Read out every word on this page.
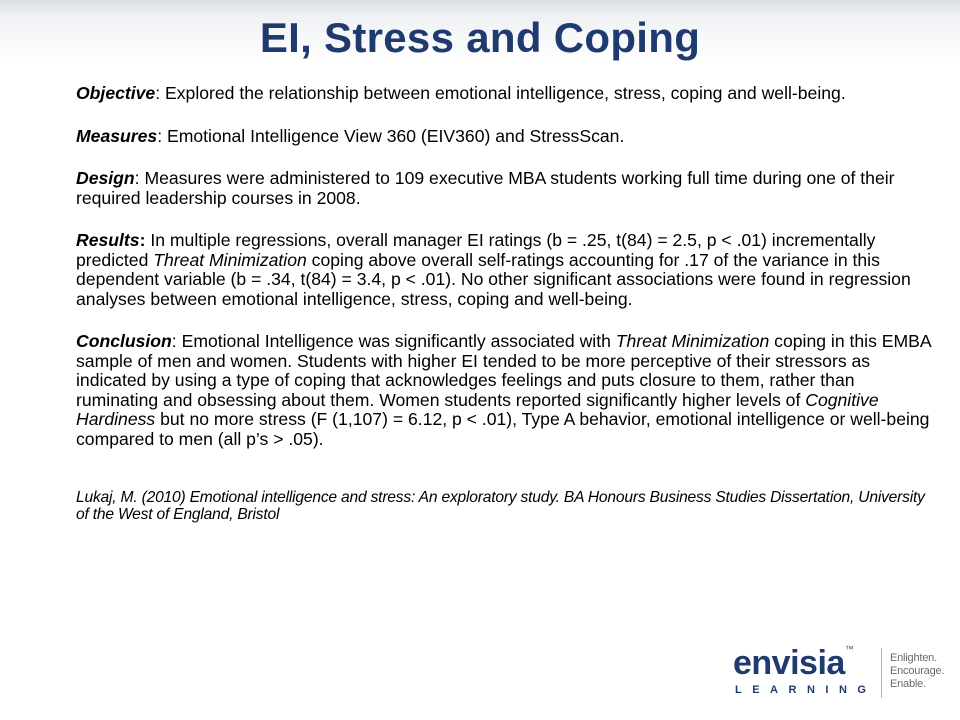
EI, Stress and Coping

Objective: Explored the relationship between emotional intelligence, stress, coping and well-being.

Measures: Emotional Intelligence View 360 (EIV360) and StressScan.

Design: Measures were administered to 109 executive MBA students working full time during one of their required leadership courses in 2008.

Results: In multiple regressions, overall manager EI ratings (b = .25, t(84) = 2.5, p < .01) incrementally predicted Threat Minimization coping above overall self-ratings accounting for .17 of the variance in this dependent variable (b = .34, t(84) = 3.4, p < .01). No other significant associations were found in regression analyses between emotional intelligence, stress, coping and well-being.

Conclusion: Emotional Intelligence was significantly associated with Threat Minimization coping in this EMBA sample of men and women. Students with higher EI tended to be more perceptive of their stressors as indicated by using a type of coping that acknowledges feelings and puts closure to them, rather than ruminating and obsessing about them. Women students reported significantly higher levels of Cognitive Hardiness but no more stress (F (1,107) = 6.12, p < .01), Type A behavior, emotional intelligence or well-being compared to men (all p’s > .05).

Lukaj, M. (2010) Emotional intelligence and stress: An exploratory study. BA Honours Business Studies Dissertation, University of the West of England, Bristol

envisia™
LEARNING
Enlighten.
Encourage.
Enable.
